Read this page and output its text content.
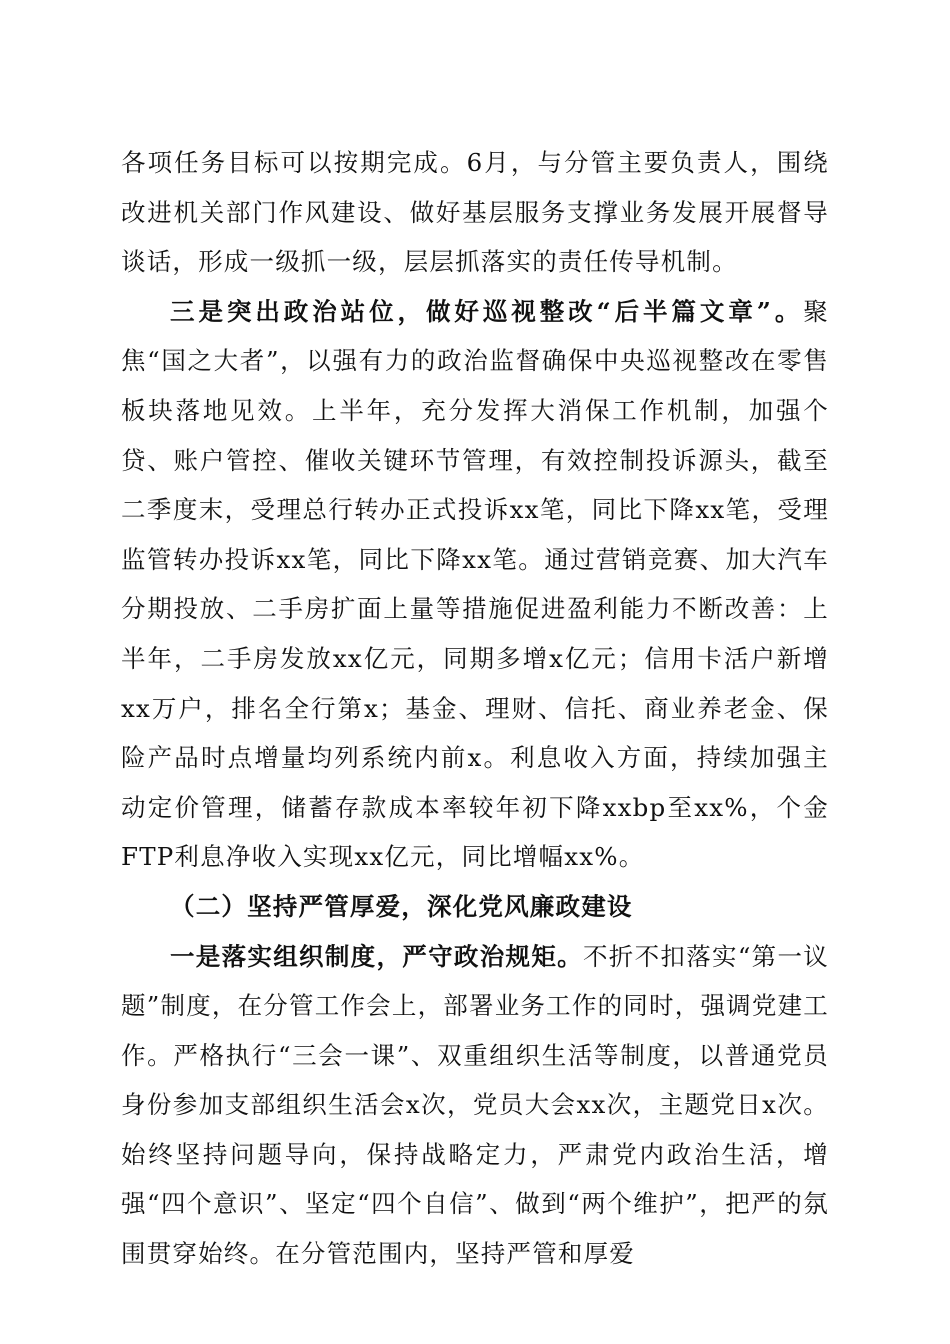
各项任务目标可以按期完成。6月，与分管主要负责人，围绕改进机关部门作风建设、做好基层服务支撑业务发展开展督导谈话，形成一级抓一级，层层抓落实的责任传导机制。

三是突出政治站位，做好巡视整改“后半篇文章”。聚焦“国之大者”，以强有力的政治监督确保中央巡视整改在零售板块落地见效。上半年，充分发挥大消保工作机制，加强个贷、账户管控、催收关键环节管理，有效控制投诉源头，截至二季度末，受理总行转办正式投诉xx笔，同比下降xx笔，受理监管转办投诉xx笔，同比下降xx笔。通过营销竞赛、加大汽车分期投放、二手房扩面上量等措施促进盈利能力不断改善：上半年，二手房发放xx亿元，同期多增x亿元；信用卡活户新增xx万户，排名全行第x；基金、理财、信托、商业养老金、保险产品时点增量均列系统内前x。利息收入方面，持续加强主动定价管理，储蓄存款成本率较年初下降xxbp至xx%，个金FTP利息净收入实现xx亿元，同比增幅xx%。

（二）坚持严管厚爱，深化党风廉政建设

一是落实组织制度，严守政治规矩。不折不扣落实“第一议题”制度，在分管工作会上，部署业务工作的同时，强调党建工作。严格执行“三会一课”、双重组织生活等制度，以普通党员身份参加支部组织生活会x次，党员大会xx次，主题党日x次。始终坚持问题导向，保持战略定力，严肃党内政治生活，增强“四个意识”、坚定“四个自信”、做到“两个维护”，把严的氛围贯穿始终。在分管范围内，坚持严管和厚爱
